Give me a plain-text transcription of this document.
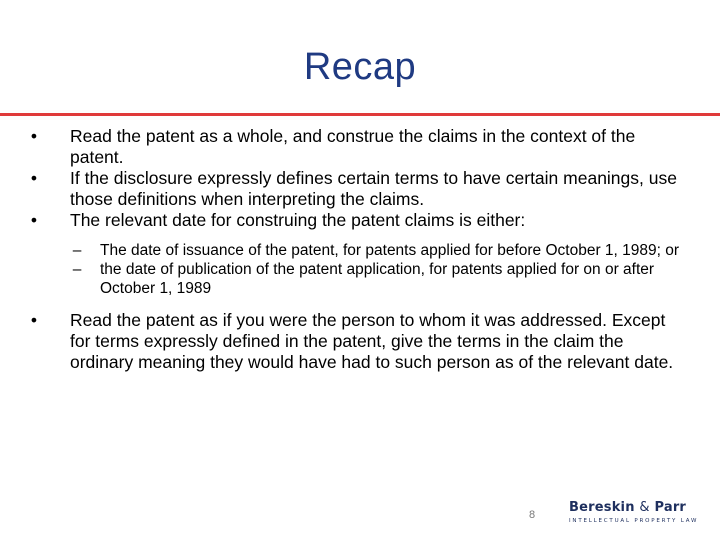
Recap
• Read the patent as a whole, and construe the claims in the context of the patent.
• If the disclosure expressly defines certain terms to have certain meanings, use those definitions when interpreting the claims.
• The relevant date for construing the patent claims is either:
– The date of issuance of the patent, for patents applied for before October 1, 1989; or
– the date of publication of the patent application, for patents applied for on or after October 1, 1989
• Read the patent as if you were the person to whom it was addressed. Except for terms expressly defined in the patent, give the terms in the claim the ordinary meaning they would have had to such person as of the relevant date.
8	Bereskin & Parr
INTELLECTUAL PROPERTY LAW
